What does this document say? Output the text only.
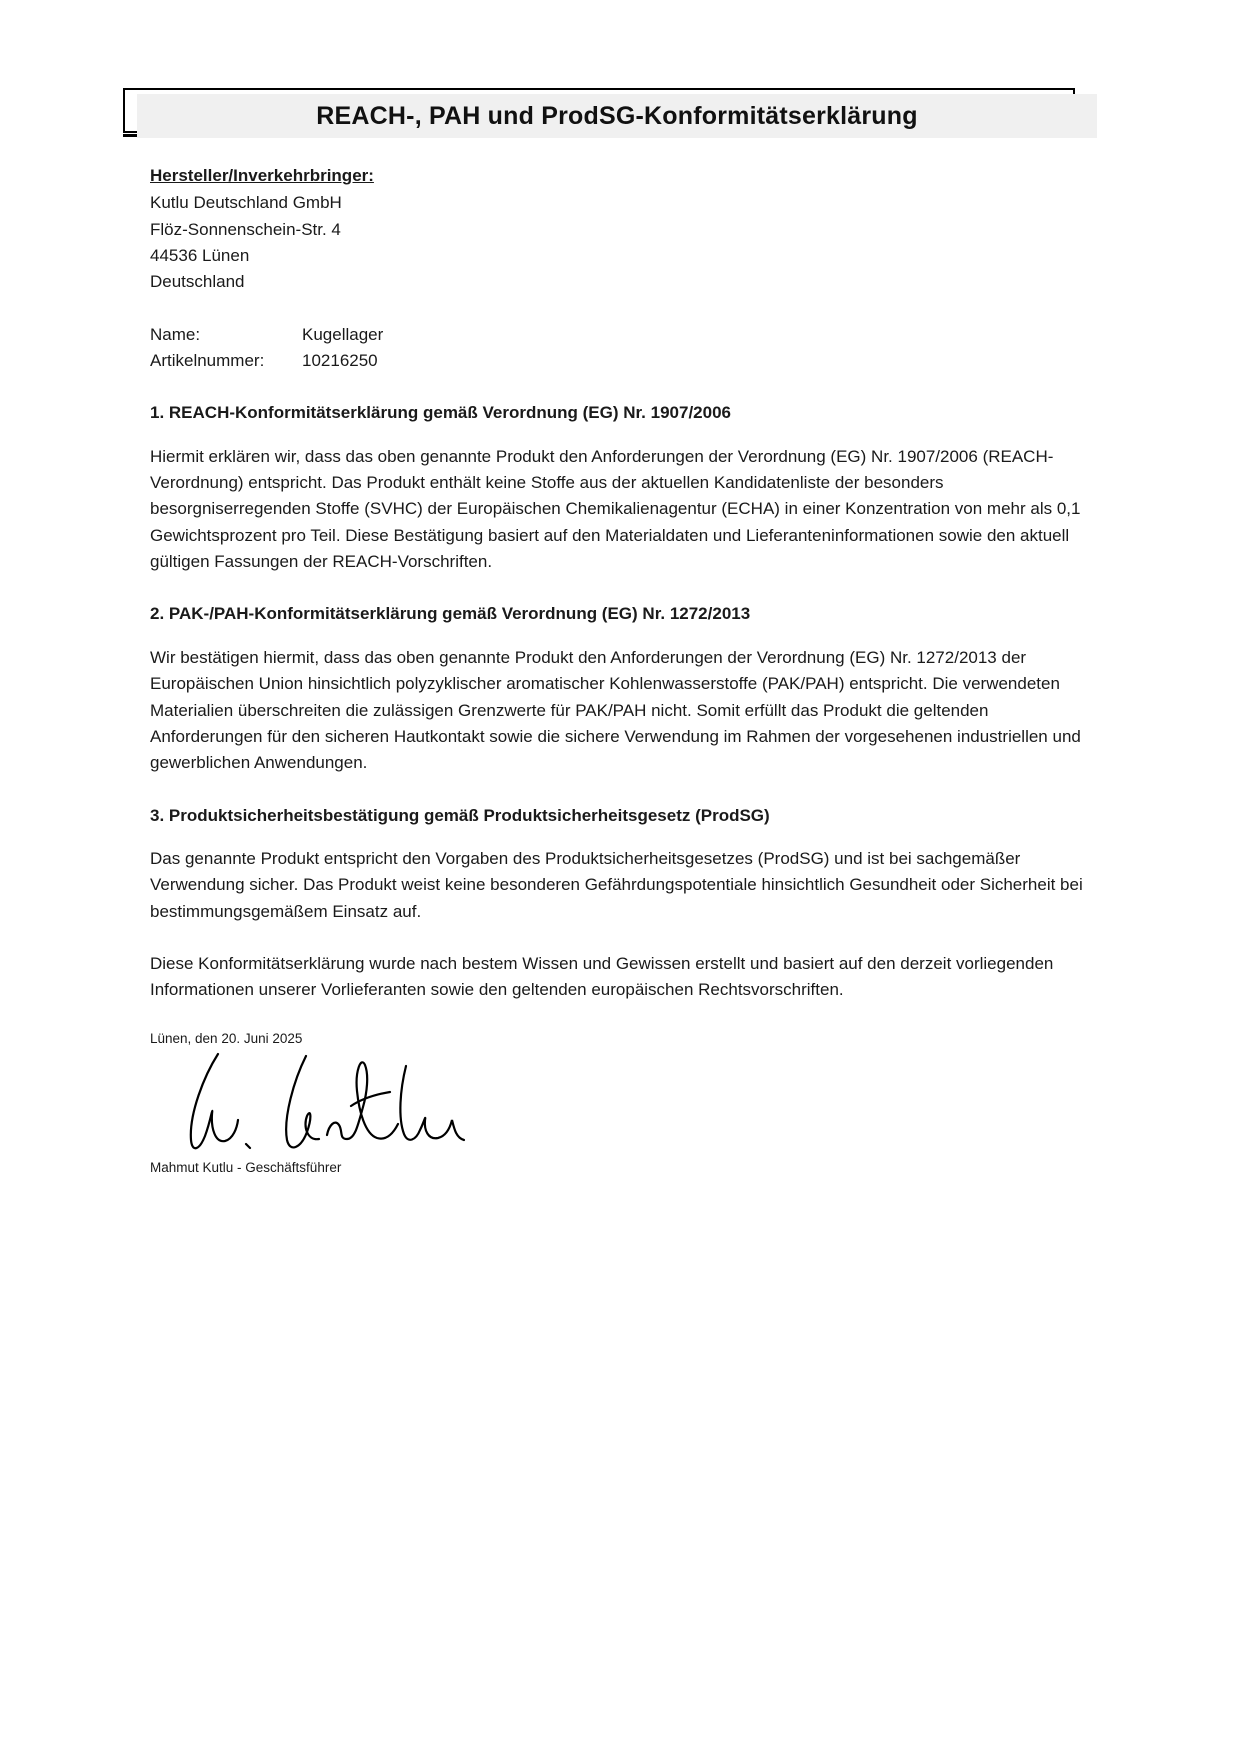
REACH-, PAH und ProdSG-Konformitätserklärung

Hersteller/Inverkehrbringer:

Kutlu Deutschland GmbH

Flöz-Sonnenschein-Str. 4

44536 Lünen

Deutschland

Name:	Kugellager
Artikelnummer:	10216250

1. REACH-Konformitätserklärung gemäß Verordnung (EG) Nr. 1907/2006

Hiermit erklären wir, dass das oben genannte Produkt den Anforderungen der Verordnung (EG) Nr. 1907/2006 (REACH-Verordnung) entspricht. Das Produkt enthält keine Stoffe aus der aktuellen Kandidatenliste der besonders besorgniserregenden Stoffe (SVHC) der Europäischen Chemikalienagentur (ECHA) in einer Konzentration von mehr als 0,1 Gewichtsprozent pro Teil. Diese Bestätigung basiert auf den Materialdaten und Lieferanteninformationen sowie den aktuell gültigen Fassungen der REACH-Vorschriften.

2. PAK-/PAH-Konformitätserklärung gemäß Verordnung (EG) Nr. 1272/2013

Wir bestätigen hiermit, dass das oben genannte Produkt den Anforderungen der Verordnung (EG) Nr. 1272/2013 der Europäischen Union hinsichtlich polyzyklischer aromatischer Kohlenwasserstoffe (PAK/PAH) entspricht. Die verwendeten Materialien überschreiten die zulässigen Grenzwerte für PAK/PAH nicht. Somit erfüllt das Produkt die geltenden Anforderungen für den sicheren Hautkontakt sowie die sichere Verwendung im Rahmen der vorgesehenen industriellen und gewerblichen Anwendungen.

3. Produktsicherheitsbestätigung gemäß Produktsicherheitsgesetz (ProdSG)

Das genannte Produkt entspricht den Vorgaben des Produktsicherheitsgesetzes (ProdSG) und ist bei sachgemäßer Verwendung sicher. Das Produkt weist keine besonderen Gefährdungspotentiale hinsichtlich Gesundheit oder Sicherheit bei bestimmungsgemäßem Einsatz auf.

Diese Konformitätserklärung wurde nach bestem Wissen und Gewissen erstellt und basiert auf den derzeit vorliegenden Informationen unserer Vorlieferanten sowie den geltenden europäischen Rechtsvorschriften.

Lünen, den 20. Juni 2025

Mahmut Kutlu - Geschäftsführer
